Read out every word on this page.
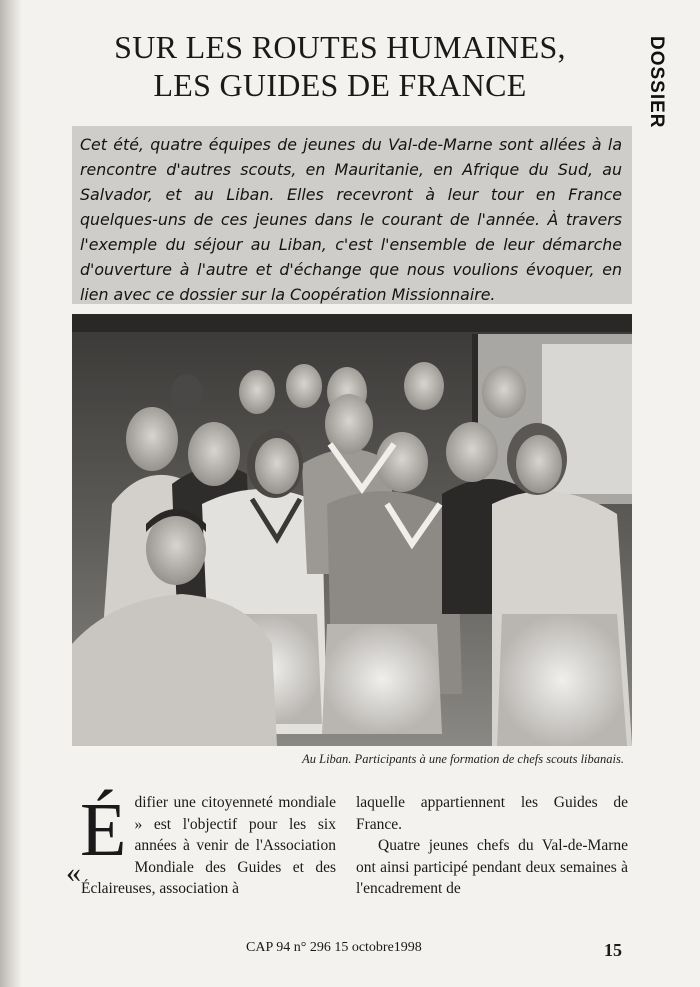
DOSSIER
SUR LES ROUTES HUMAINES,
LES GUIDES DE FRANCE
Cet été, quatre équipes de jeunes du Val-de-Marne sont allées à la rencontre d'autres scouts, en Mauritanie, en Afrique du Sud, au Salvador, et au Liban. Elles recevront à leur tour en France quelques-uns de ces jeunes dans le courant de l'année. À travers l'exemple du séjour au Liban, c'est l'ensemble de leur démarche d'ouverture à l'autre et d'échange que nous voulions évoquer, en lien avec ce dossier sur la Coopération Missionnaire.
Au Liban. Participants à une formation de chefs scouts libanais.
É
«
difier une citoyenneté mondiale » est l'objectif pour les six années à venir de l'Association Mondiale des Guides et des Éclaireuses, association à

laquelle appartiennent les Guides de France.

Quatre jeunes chefs du Val-de-Marne ont ainsi participé pendant deux semaines à l'encadrement de

CAP 94 n° 296 15 octobre1998	15
